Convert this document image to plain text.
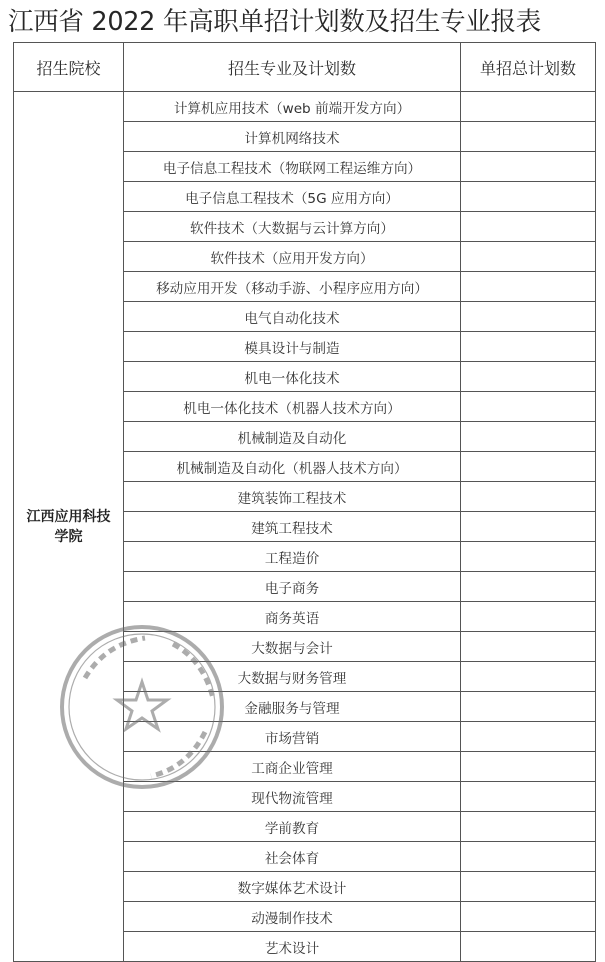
江西省 2022 年高职单招计划数及招生专业报表
招生院校	招生专业及计划数	单招总计划数
江西应用科技学院	计算机应用技术（web 前端开发方向）	
	计算机网络技术	
	电子信息工程技术（物联网工程运维方向）	
	电子信息工程技术（5G 应用方向）	
	软件技术（大数据与云计算方向）	
	软件技术（应用开发方向）	
	移动应用开发（移动手游、小程序应用方向）	
	电气自动化技术	
	模具设计与制造	
	机电一体化技术	
	机电一体化技术（机器人技术方向）	
	机械制造及自动化	
	机械制造及自动化（机器人技术方向）	
	建筑装饰工程技术	
	建筑工程技术	
	工程造价	
	电子商务	
	商务英语	
	大数据与会计	
	大数据与财务管理	
	金融服务与管理	
	市场营销	
	工商企业管理	
	现代物流管理	
	学前教育	
	社会体育	
	数字媒体艺术设计	
	动漫制作技术	
	艺术设计	
